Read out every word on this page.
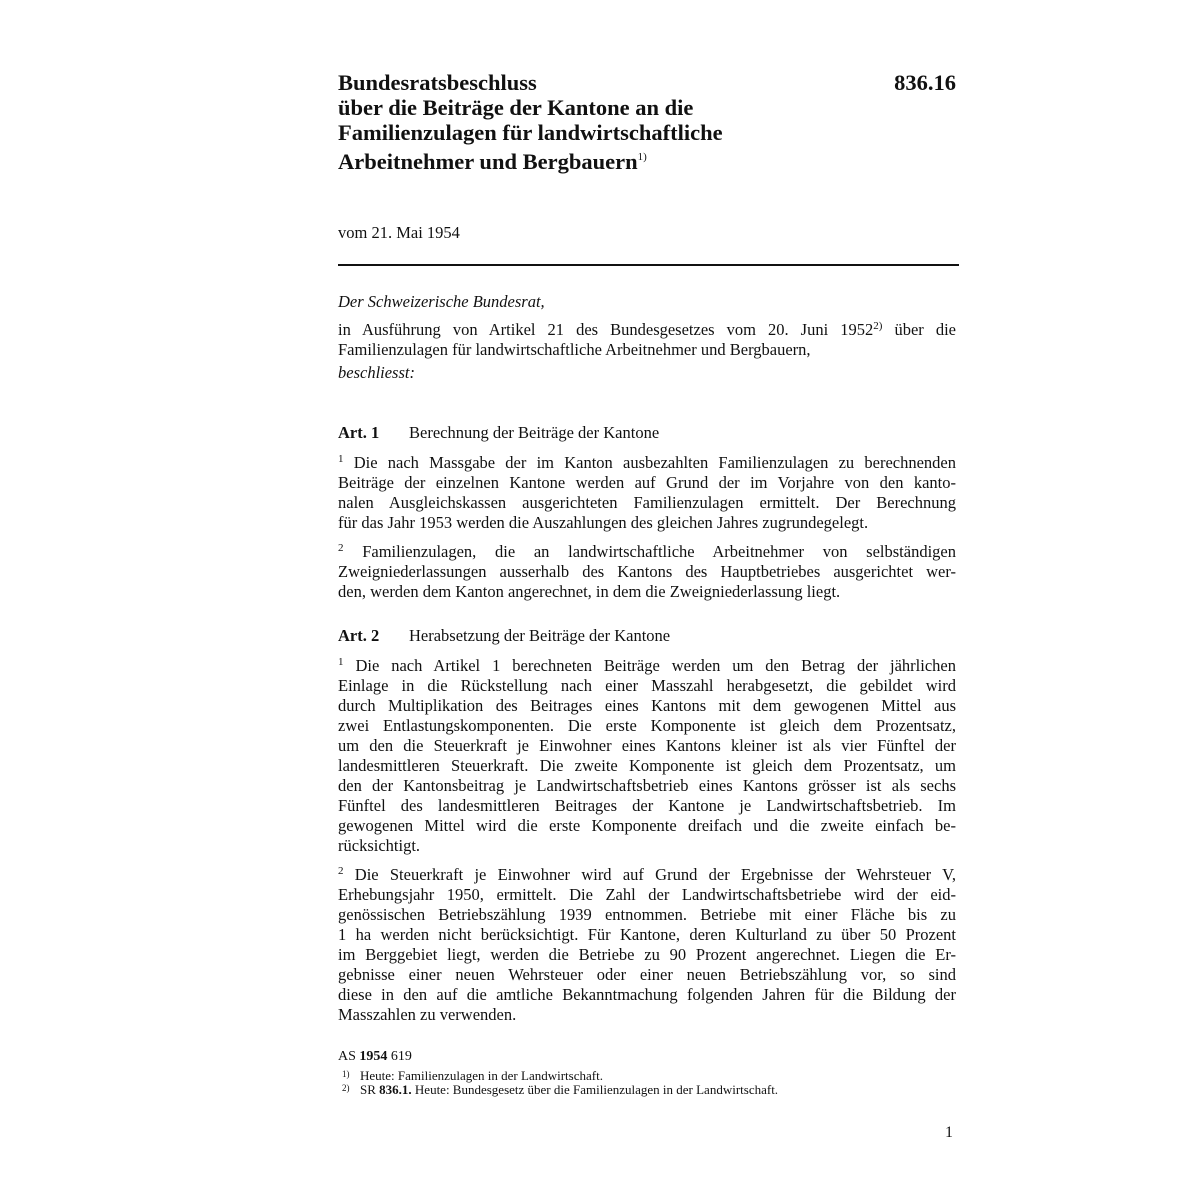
Bundesratsbeschluss
über die Beiträge der Kantone an die
Familienzulagen für landwirtschaftliche
Arbeitnehmer und Bergbauern$^{1)}$
836.16
vom 21. Mai 1954

Der Schweizerische Bundesrat,

in Ausführung von Artikel 21 des Bundesgesetzes vom 20. Juni 1952$^{2)}$ über die
Familienzulagen für landwirtschaftliche Arbeitnehmer und Bergbauern,

beschliesst:

Art. 1 Berechnung der Beiträge der Kantone

$^1$ Die nach Massgabe der im Kanton ausbezahlten Familienzulagen zu berechnenden
Beiträge der einzelnen Kantone werden auf Grund der im Vorjahre von den kanto-
nalen Ausgleichskassen ausgerichteten Familienzulagen ermittelt. Der Berechnung
für das Jahr 1953 werden die Auszahlungen des gleichen Jahres zugrundegelegt.

$^2$ Familienzulagen, die an landwirtschaftliche Arbeitnehmer von selbständigen
Zweigniederlassungen ausserhalb des Kantons des Hauptbetriebes ausgerichtet wer-
den, werden dem Kanton angerechnet, in dem die Zweigniederlassung liegt.

Art. 2 Herabsetzung der Beiträge der Kantone

$^1$ Die nach Artikel 1 berechneten Beiträge werden um den Betrag der jährlichen
Einlage in die Rückstellung nach einer Masszahl herabgesetzt, die gebildet wird
durch Multiplikation des Beitrages eines Kantons mit dem gewogenen Mittel aus
zwei Entlastungskomponenten. Die erste Komponente ist gleich dem Prozentsatz,
um den die Steuerkraft je Einwohner eines Kantons kleiner ist als vier Fünftel der
landesmittleren Steuerkraft. Die zweite Komponente ist gleich dem Prozentsatz, um
den der Kantonsbeitrag je Landwirtschaftsbetrieb eines Kantons grösser ist als sechs
Fünftel des landesmittleren Beitrages der Kantone je Landwirtschaftsbetrieb. Im
gewogenen Mittel wird die erste Komponente dreifach und die zweite einfach be-
rücksichtigt.

$^2$ Die Steuerkraft je Einwohner wird auf Grund der Ergebnisse der Wehrsteuer V,
Erhebungsjahr 1950, ermittelt. Die Zahl der Landwirtschaftsbetriebe wird der eid-
genössischen Betriebszählung 1939 entnommen. Betriebe mit einer Fläche bis zu
1 ha werden nicht berücksichtigt. Für Kantone, deren Kulturland zu über 50 Prozent
im Berggebiet liegt, werden die Betriebe zu 90 Prozent angerechnet. Liegen die Er-
gebnisse einer neuen Wehrsteuer oder einer neuen Betriebszählung vor, so sind
diese in den auf die amtliche Bekanntmachung folgenden Jahren für die Bildung der
Masszahlen zu verwenden.

AS 1954 619
1) Heute: Familienzulagen in der Landwirtschaft.
2) SR 836.1. Heute: Bundesgesetz über die Familienzulagen in der Landwirtschaft.
1
